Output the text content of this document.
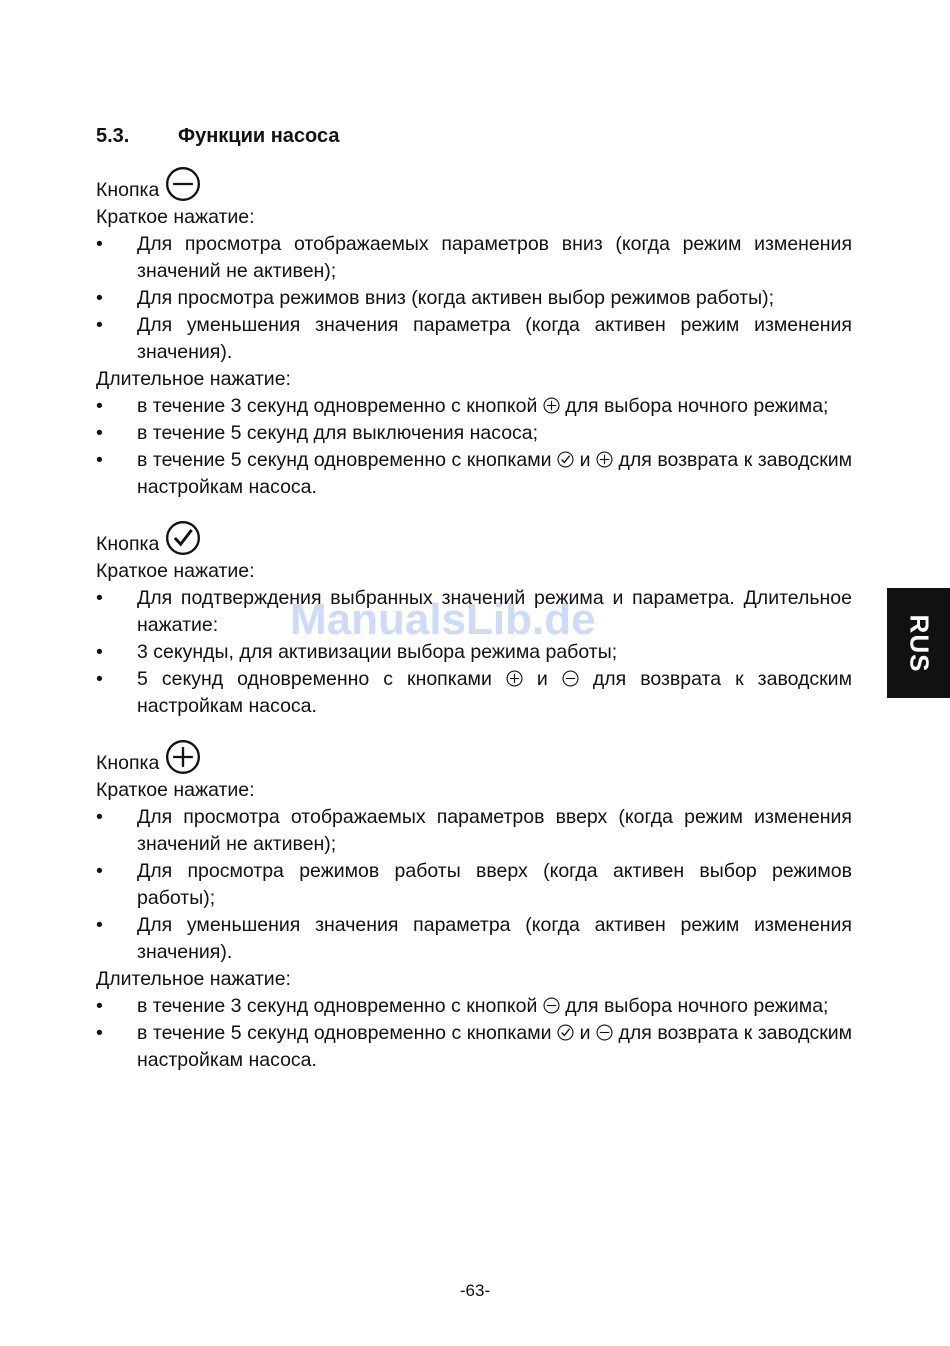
5.3.	Функции насоса
Кнопка
Краткое нажатие:
• Для просмотра отображаемых параметров вниз (когда режим изменения значений не активен);
• Для просмотра режимов вниз (когда активен выбор режимов работы);
• Для уменьшения значения параметра (когда активен режим изменения значения).
Длительное нажатие:
• в течение 3 секунд одновременно с кнопкой для выбора ночного режима;
• в течение 5 секунд для выключения насоса;
• в течение 5 секунд одновременно с кнопками и для возврата к заводским настройкам насоса.
Кнопка
Краткое нажатие:
• Для подтверждения выбранных значений режима и параметра. Длительное нажатие:
• 3 секунды, для активизации выбора режима работы;
• 5 секунд одновременно с кнопками и для возврата к заводским настройкам насоса.
Кнопка
Краткое нажатие:
• Для просмотра отображаемых параметров вверх (когда режим изменения значений не активен);
• Для просмотра режимов работы вверх (когда активен выбор режимов работы);
• Для уменьшения значения параметра (когда активен режим изменения значения).
Длительное нажатие:
• в течение 3 секунд одновременно с кнопкой для выбора ночного режима;
• в течение 5 секунд одновременно с кнопками и для возврата к заводским настройкам насоса.
ManualsLib.de	RUS
-63-
